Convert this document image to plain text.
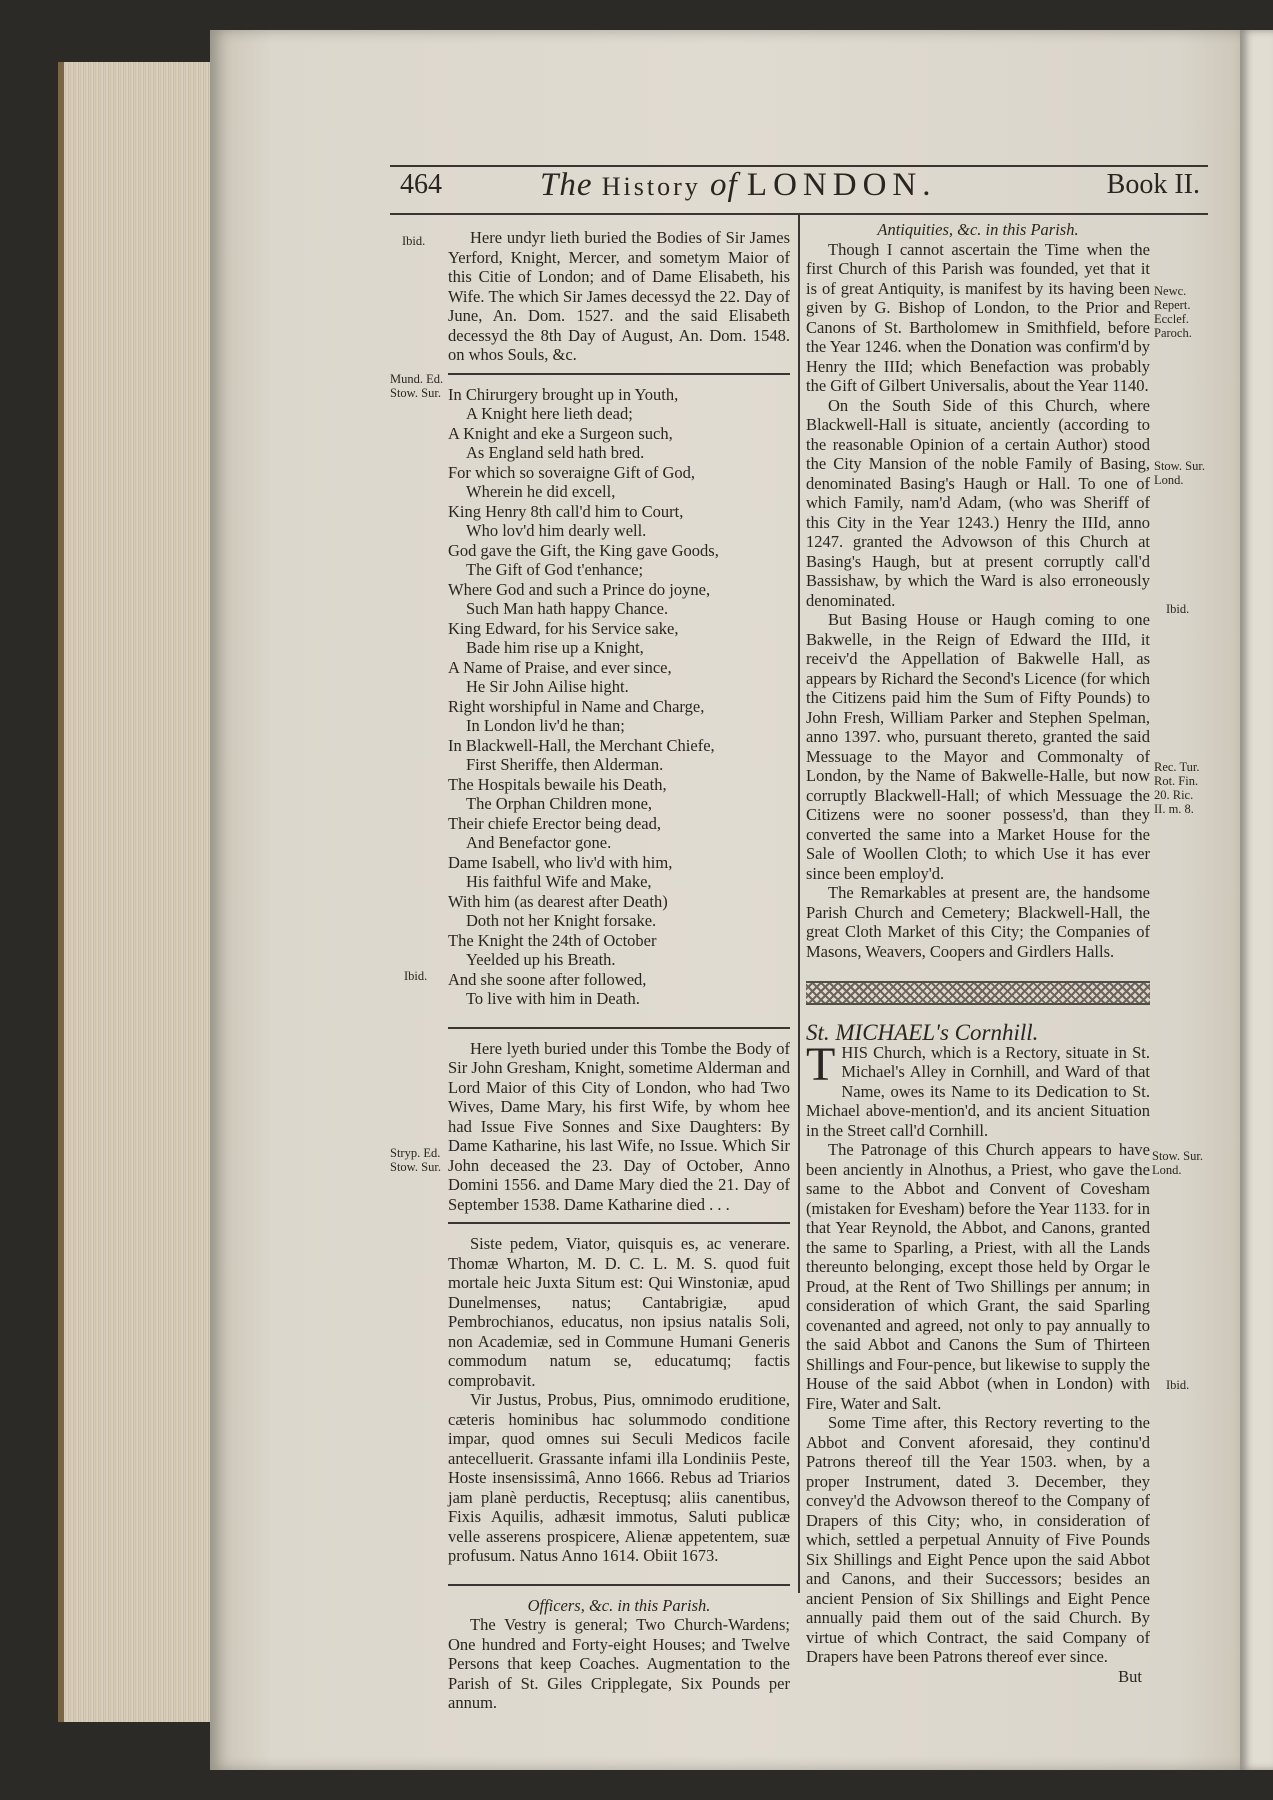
464	The History of LONDON.	Book II.
Ibid.
Mund. Ed. Stow. Sur.
Ibid.
Stryp. Ed. Stow. Sur.
Newc. Repert. Ecclef. Paroch.
Stow. Sur. Lond.
Ibid.
Rec. Tur. Rot. Fin. 20. Ric. II. m. 8.
Stow. Sur. Lond.
Ibid.

Here undyr lieth buried the Bodies of Sir James Yerford, Knight, Mercer, and sometym Maior of this Citie of London; and of Dame Elisabeth, his Wife. The which Sir James decessyd the 22. Day of June, An. Dom. 1527. and the said Elisabeth decessyd the 8th Day of August, An. Dom. 1548. on whos Souls, &c.

In Chirurgery brought up in Youth,
A Knight here lieth dead;
A Knight and eke a Surgeon such,
As England seld hath bred.
For which so soveraigne Gift of God,
Wherein he did excell,
King Henry 8th call'd him to Court,
Who lov'd him dearly well.
God gave the Gift, the King gave Goods,
The Gift of God t'enhance;
Where God and such a Prince do joyne,
Such Man hath happy Chance.
King Edward, for his Service sake,
Bade him rise up a Knight,
A Name of Praise, and ever since,
He Sir John Ailise hight.
Right worshipful in Name and Charge,
In London liv'd he than;
In Blackwell-Hall, the Merchant Chiefe,
First Sheriffe, then Alderman.
The Hospitals bewaile his Death,
The Orphan Children mone,
Their chiefe Erector being dead,
And Benefactor gone.
Dame Isabell, who liv'd with him,
His faithful Wife and Make,
With him (as dearest after Death)
Doth not her Knight forsake.
The Knight the 24th of October
Yeelded up his Breath.
And she soone after followed,
To live with him in Death.

Here lyeth buried under this Tombe the Body of Sir John Gresham, Knight, sometime Alderman and Lord Maior of this City of London, who had Two Wives, Dame Mary, his first Wife, by whom hee had Issue Five Sonnes and Sixe Daughters: By Dame Katharine, his last Wife, no Issue. Which Sir John deceased the 23. Day of October, Anno Domini 1556. and Dame Mary died the 21. Day of September 1538. Dame Katharine died . . .

Siste pedem, Viator, quisquis es, ac venerare. Thomæ Wharton, M. D. C. L. M. S. quod fuit mortale heic Juxta Situm est: Qui Winstoniæ, apud Dunelmenses, natus; Cantabrigiæ, apud Pembrochianos, educatus, non ipsius natalis Soli, non Academiæ, sed in Commune Humani Generis commodum natum se, educatumq; factis comprobavit.

Vir Justus, Probus, Pius, omnimodo eruditione, cæteris hominibus hac solummodo conditione impar, quod omnes sui Seculi Medicos facile antecelluerit. Grassante infami illa Londiniis Peste, Hoste insensissimâ, Anno 1666. Rebus ad Triarios jam planè perductis, Receptusq; aliis canentibus, Fixis Aquilis, adhæsit immotus, Saluti publicæ velle asserens prospicere, Alienæ appetentem, suæ profusum. Natus Anno 1614. Obiit 1673.

Officers, &c. in this Parish.

The Vestry is general; Two Church-Wardens; One hundred and Forty-eight Houses; and Twelve Persons that keep Coaches. Augmentation to the Parish of St. Giles Cripplegate, Six Pounds per annum.

Antiquities, &c. in this Parish.

Though I cannot ascertain the Time when the first Church of this Parish was founded, yet that it is of great Antiquity, is manifest by its having been given by G. Bishop of London, to the Prior and Canons of St. Bartholomew in Smithfield, before the Year 1246. when the Donation was confirm'd by Henry the IIId; which Benefaction was probably the Gift of Gilbert Universalis, about the Year 1140.

On the South Side of this Church, where Blackwell-Hall is situate, anciently (according to the reasonable Opinion of a certain Author) stood the City Mansion of the noble Family of Basing, denominated Basing's Haugh or Hall. To one of which Family, nam'd Adam, (who was Sheriff of this City in the Year 1243.) Henry the IIId, anno 1247. granted the Advowson of this Church at Basing's Haugh, but at present corruptly call'd Bassishaw, by which the Ward is also erroneously denominated.

But Basing House or Haugh coming to one Bakwelle, in the Reign of Edward the IIId, it receiv'd the Appellation of Bakwelle Hall, as appears by Richard the Second's Licence (for which the Citizens paid him the Sum of Fifty Pounds) to John Fresh, William Parker and Stephen Spelman, anno 1397. who, pursuant thereto, granted the said Messuage to the Mayor and Commonalty of London, by the Name of Bakwelle-Halle, but now corruptly Blackwell-Hall; of which Messuage the Citizens were no sooner possess'd, than they converted the same into a Market House for the Sale of Woollen Cloth; to which Use it has ever since been employ'd.

The Remarkables at present are, the handsome Parish Church and Cemetery; Blackwell-Hall, the great Cloth Market of this City; the Companies of Masons, Weavers, Coopers and Girdlers Halls.

St. MICHAEL's Cornhill.

THIS Church, which is a Rectory, situate in St. Michael's Alley in Cornhill, and Ward of that Name, owes its Name to its Dedication to St. Michael above-mention'd, and its ancient Situation in the Street call'd Cornhill.

The Patronage of this Church appears to have been anciently in Alnothus, a Priest, who gave the same to the Abbot and Convent of Covesham (mistaken for Evesham) before the Year 1133. for in that Year Reynold, the Abbot, and Canons, granted the same to Sparling, a Priest, with all the Lands thereunto belonging, except those held by Orgar le Proud, at the Rent of Two Shillings per annum; in consideration of which Grant, the said Sparling covenanted and agreed, not only to pay annually to the said Abbot and Canons the Sum of Thirteen Shillings and Four-pence, but likewise to supply the House of the said Abbot (when in London) with Fire, Water and Salt.

Some Time after, this Rectory reverting to the Abbot and Convent aforesaid, they continu'd Patrons thereof till the Year 1503. when, by a proper Instrument, dated 3. December, they convey'd the Advowson thereof to the Company of Drapers of this City; who, in consideration of which, settled a perpetual Annuity of Five Pounds Six Shillings and Eight Pence upon the said Abbot and Canons, and their Successors; besides an ancient Pension of Six Shillings and Eight Pence annually paid them out of the said Church. By virtue of which Contract, the said Company of Drapers have been Patrons thereof ever since.

But
